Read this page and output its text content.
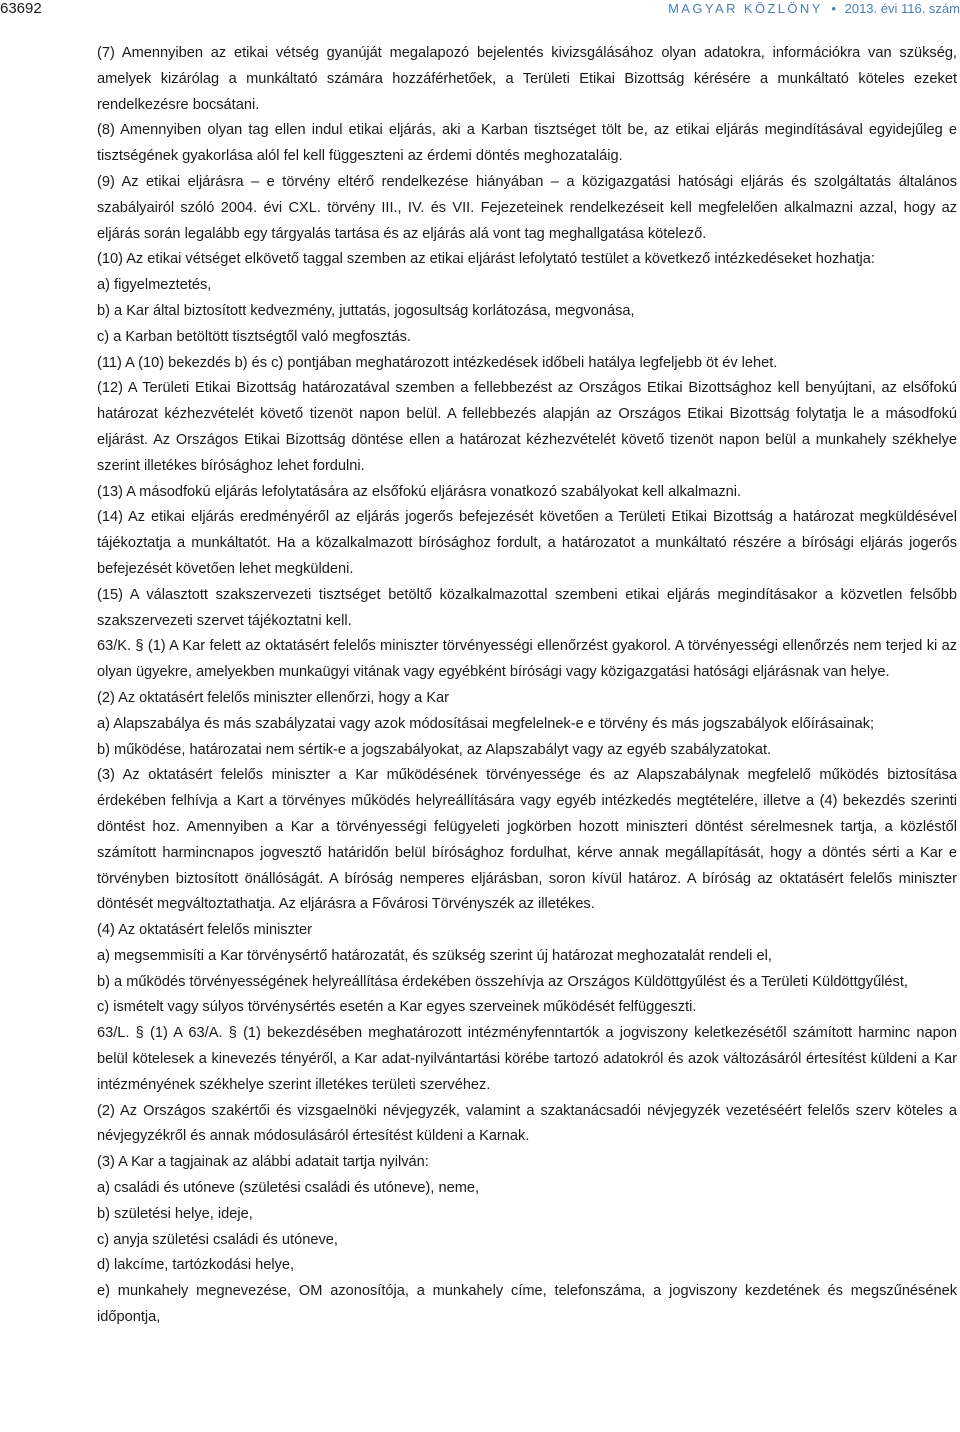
63692	MAGYAR KÖZLÖNY • 2013. évi 116. szám

(7) Amennyiben az etikai vétség gyanúját megalapozó bejelentés kivizsgálásához olyan adatokra, információkra van szükség, amelyek kizárólag a munkáltató számára hozzáférhetőek, a Területi Etikai Bizottság kérésére a munkáltató köteles ezeket rendelkezésre bocsátani.

(8) Amennyiben olyan tag ellen indul etikai eljárás, aki a Karban tisztséget tölt be, az etikai eljárás megindításával egyidejűleg e tisztségének gyakorlása alól fel kell függeszteni az érdemi döntés meghozataláig.

(9) Az etikai eljárásra – e törvény eltérő rendelkezése hiányában – a közigazgatási hatósági eljárás és szolgáltatás általános szabályairól szóló 2004. évi CXL. törvény III., IV. és VII. Fejezeteinek rendelkezéseit kell megfelelően alkalmazni azzal, hogy az eljárás során legalább egy tárgyalás tartása és az eljárás alá vont tag meghallgatása kötelező.

(10) Az etikai vétséget elkövető taggal szemben az etikai eljárást lefolytató testület a következő intézkedéseket hozhatja:

a) figyelmeztetés,

b) a Kar által biztosított kedvezmény, juttatás, jogosultság korlátozása, megvonása,

c) a Karban betöltött tisztségtől való megfosztás.

(11) A (10) bekezdés b) és c) pontjában meghatározott intézkedések időbeli hatálya legfeljebb öt év lehet.

(12) A Területi Etikai Bizottság határozatával szemben a fellebbezést az Országos Etikai Bizottsághoz kell benyújtani, az elsőfokú határozat kézhezvételét követő tizenöt napon belül. A fellebbezés alapján az Országos Etikai Bizottság folytatja le a másodfokú eljárást. Az Országos Etikai Bizottság döntése ellen a határozat kézhezvételét követő tizenöt napon belül a munkahely székhelye szerint illetékes bírósághoz lehet fordulni.

(13) A másodfokú eljárás lefolytatására az elsőfokú eljárásra vonatkozó szabályokat kell alkalmazni.

(14) Az etikai eljárás eredményéről az eljárás jogerős befejezését követően a Területi Etikai Bizottság a határozat megküldésével tájékoztatja a munkáltatót. Ha a közalkalmazott bírósághoz fordult, a határozatot a munkáltató részére a bírósági eljárás jogerős befejezését követően lehet megküldeni.

(15) A választott szakszervezeti tisztséget betöltő közalkalmazottal szembeni etikai eljárás megindításakor a közvetlen felsőbb szakszervezeti szervet tájékoztatni kell.

63/K. § (1) A Kar felett az oktatásért felelős miniszter törvényességi ellenőrzést gyakorol. A törvényességi ellenőrzés nem terjed ki az olyan ügyekre, amelyekben munkaügyi vitának vagy egyébként bírósági vagy közigazgatási hatósági eljárásnak van helye.

(2) Az oktatásért felelős miniszter ellenőrzi, hogy a Kar

a) Alapszabálya és más szabályzatai vagy azok módosításai megfelelnek-e e törvény és más jogszabályok előírásainak;

b) működése, határozatai nem sértik-e a jogszabályokat, az Alapszabályt vagy az egyéb szabályzatokat.

(3) Az oktatásért felelős miniszter a Kar működésének törvényessége és az Alapszabálynak megfelelő működés biztosítása érdekében felhívja a Kart a törvényes működés helyreállítására vagy egyéb intézkedés megtételére, illetve a (4) bekezdés szerinti döntést hoz. Amennyiben a Kar a törvényességi felügyeleti jogkörben hozott miniszteri döntést sérelmesnek tartja, a közléstől számított harmincnapos jogvesztő határidőn belül bírósághoz fordulhat, kérve annak megállapítását, hogy a döntés sérti a Kar e törvényben biztosított önállóságát. A bíróság nemperes eljárásban, soron kívül határoz. A bíróság az oktatásért felelős miniszter döntését megváltoztathatja. Az eljárásra a Fővárosi Törvényszék az illetékes.

(4) Az oktatásért felelős miniszter

a) megsemmisíti a Kar törvénysértő határozatát, és szükség szerint új határozat meghozatalát rendeli el,

b) a működés törvényességének helyreállítása érdekében összehívja az Országos Küldöttgyűlést és a Területi Küldöttgyűlést,

c) ismételt vagy súlyos törvénysértés esetén a Kar egyes szerveinek működését felfüggeszti.

63/L. § (1) A 63/A. § (1) bekezdésében meghatározott intézményfenntartók a jogviszony keletkezésétől számított harminc napon belül kötelesek a kinevezés tényéről, a Kar adat-nyilvántartási körébe tartozó adatokról és azok változásáról értesítést küldeni a Kar intézményének székhelye szerint illetékes területi szervéhez.

(2) Az Országos szakértői és vizsgaelnöki névjegyzék, valamint a szaktanácsadói névjegyzék vezetéséért felelős szerv köteles a névjegyzékről és annak módosulásáról értesítést küldeni a Karnak.

(3) A Kar a tagjainak az alábbi adatait tartja nyilván:

a) családi és utóneve (születési családi és utóneve), neme,

b) születési helye, ideje,

c) anyja születési családi és utóneve,

d) lakcíme, tartózkodási helye,

e) munkahely megnevezése, OM azonosítója, a munkahely címe, telefonszáma, a jogviszony kezdetének és megszűnésének időpontja,
